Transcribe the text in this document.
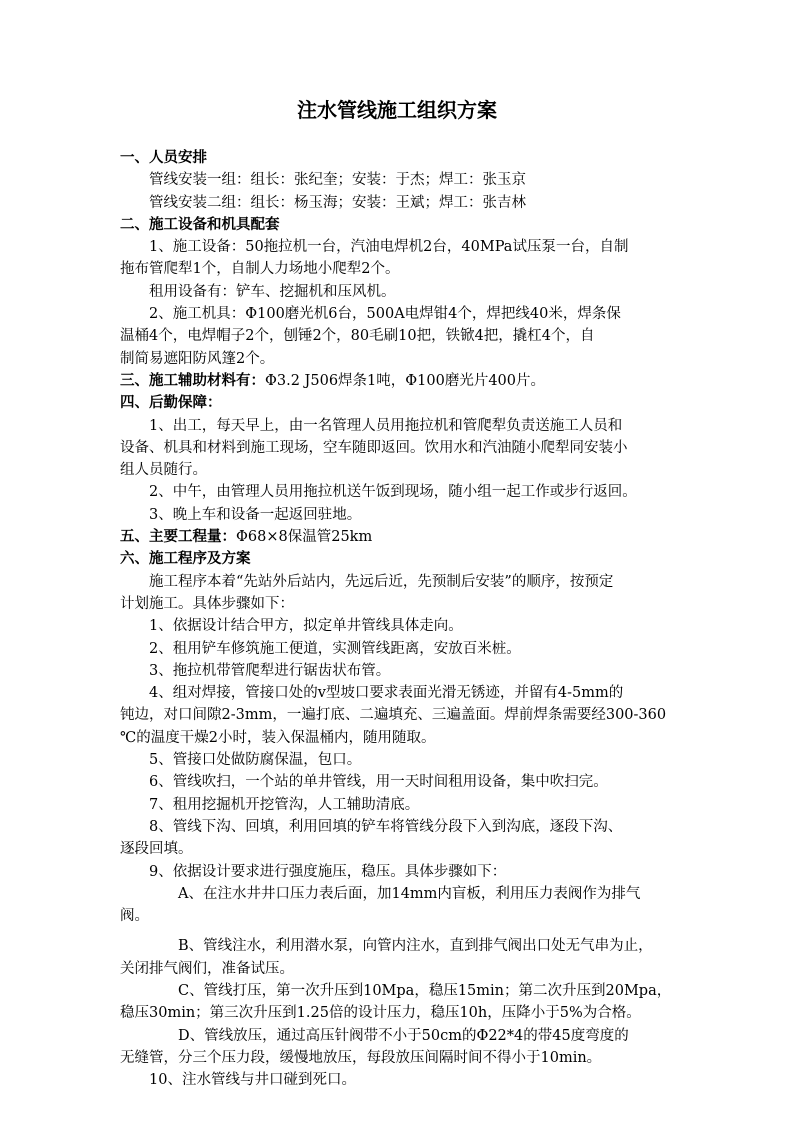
注水管线施工组织方案
一、人员安排
管线安装一组：组长：张纪奎；安装：于杰；焊工：张玉京
管线安装二组：组长：杨玉海；安装：王斌；焊工：张吉林
二、施工设备和机具配套
1、施工设备：50拖拉机一台，汽油电焊机2台，40MPa试压泵一台，自制
拖布管爬犁1个，自制人力场地小爬犁2个。
租用设备有：铲车、挖掘机和压风机。
2、施工机具：Φ100磨光机6台，500A电焊钳4个，焊把线40米，焊条保
温桶4个，电焊帽子2个，刨锤2个，80毛刷10把，铁锨4把，撬杠4个，自
制简易遮阳防风篷2个。
三、施工辅助材料有：Φ3.2 J506焊条1吨，Φ100磨光片400片。
四、后勤保障：
1、出工，每天早上，由一名管理人员用拖拉机和管爬犁负责送施工人员和
设备、机具和材料到施工现场，空车随即返回。饮用水和汽油随小爬犁同安装小
组人员随行。
2、中午，由管理人员用拖拉机送午饭到现场，随小组一起工作或步行返回。
3、晚上车和设备一起返回驻地。
五、主要工程量：Φ68×8保温管25km
六、施工程序及方案
施工程序本着“先站外后站内，先远后近，先预制后安装”的顺序，按预定
计划施工。具体步骤如下：
1、依据设计结合甲方，拟定单井管线具体走向。
2、租用铲车修筑施工便道，实测管线距离，安放百米桩。
3、拖拉机带管爬犁进行锯齿状布管。
4、组对焊接，管接口处的v型坡口要求表面光滑无锈迹，并留有4-5mm的
钝边，对口间隙2-3mm，一遍打底、二遍填充、三遍盖面。焊前焊条需要经300-360
℃的温度干燥2小时，装入保温桶内，随用随取。
5、管接口处做防腐保温，包口。
6、管线吹扫，一个站的单井管线，用一天时间租用设备，集中吹扫完。
7、租用挖掘机开挖管沟，人工辅助清底。
8、管线下沟、回填，利用回填的铲车将管线分段下入到沟底，逐段下沟、
逐段回填。
9、依据设计要求进行强度施压，稳压。具体步骤如下：
A、在注水井井口压力表后面，加14mm内盲板，利用压力表阀作为排气
阀。
B、管线注水，利用潜水泵，向管内注水，直到排气阀出口处无气串为止，
关闭排气阀们，准备试压。
C、管线打压，第一次升压到10Mpa，稳压15min；第二次升压到20Mpa，
稳压30min；第三次升压到1.25倍的设计压力，稳压10h，压降小于5%为合格。
D、管线放压，通过高压针阀带不小于50cm的Φ22*4的带45度弯度的
无缝管，分三个压力段，缓慢地放压，每段放压间隔时间不得小于10min。
10、注水管线与井口碰到死口。
